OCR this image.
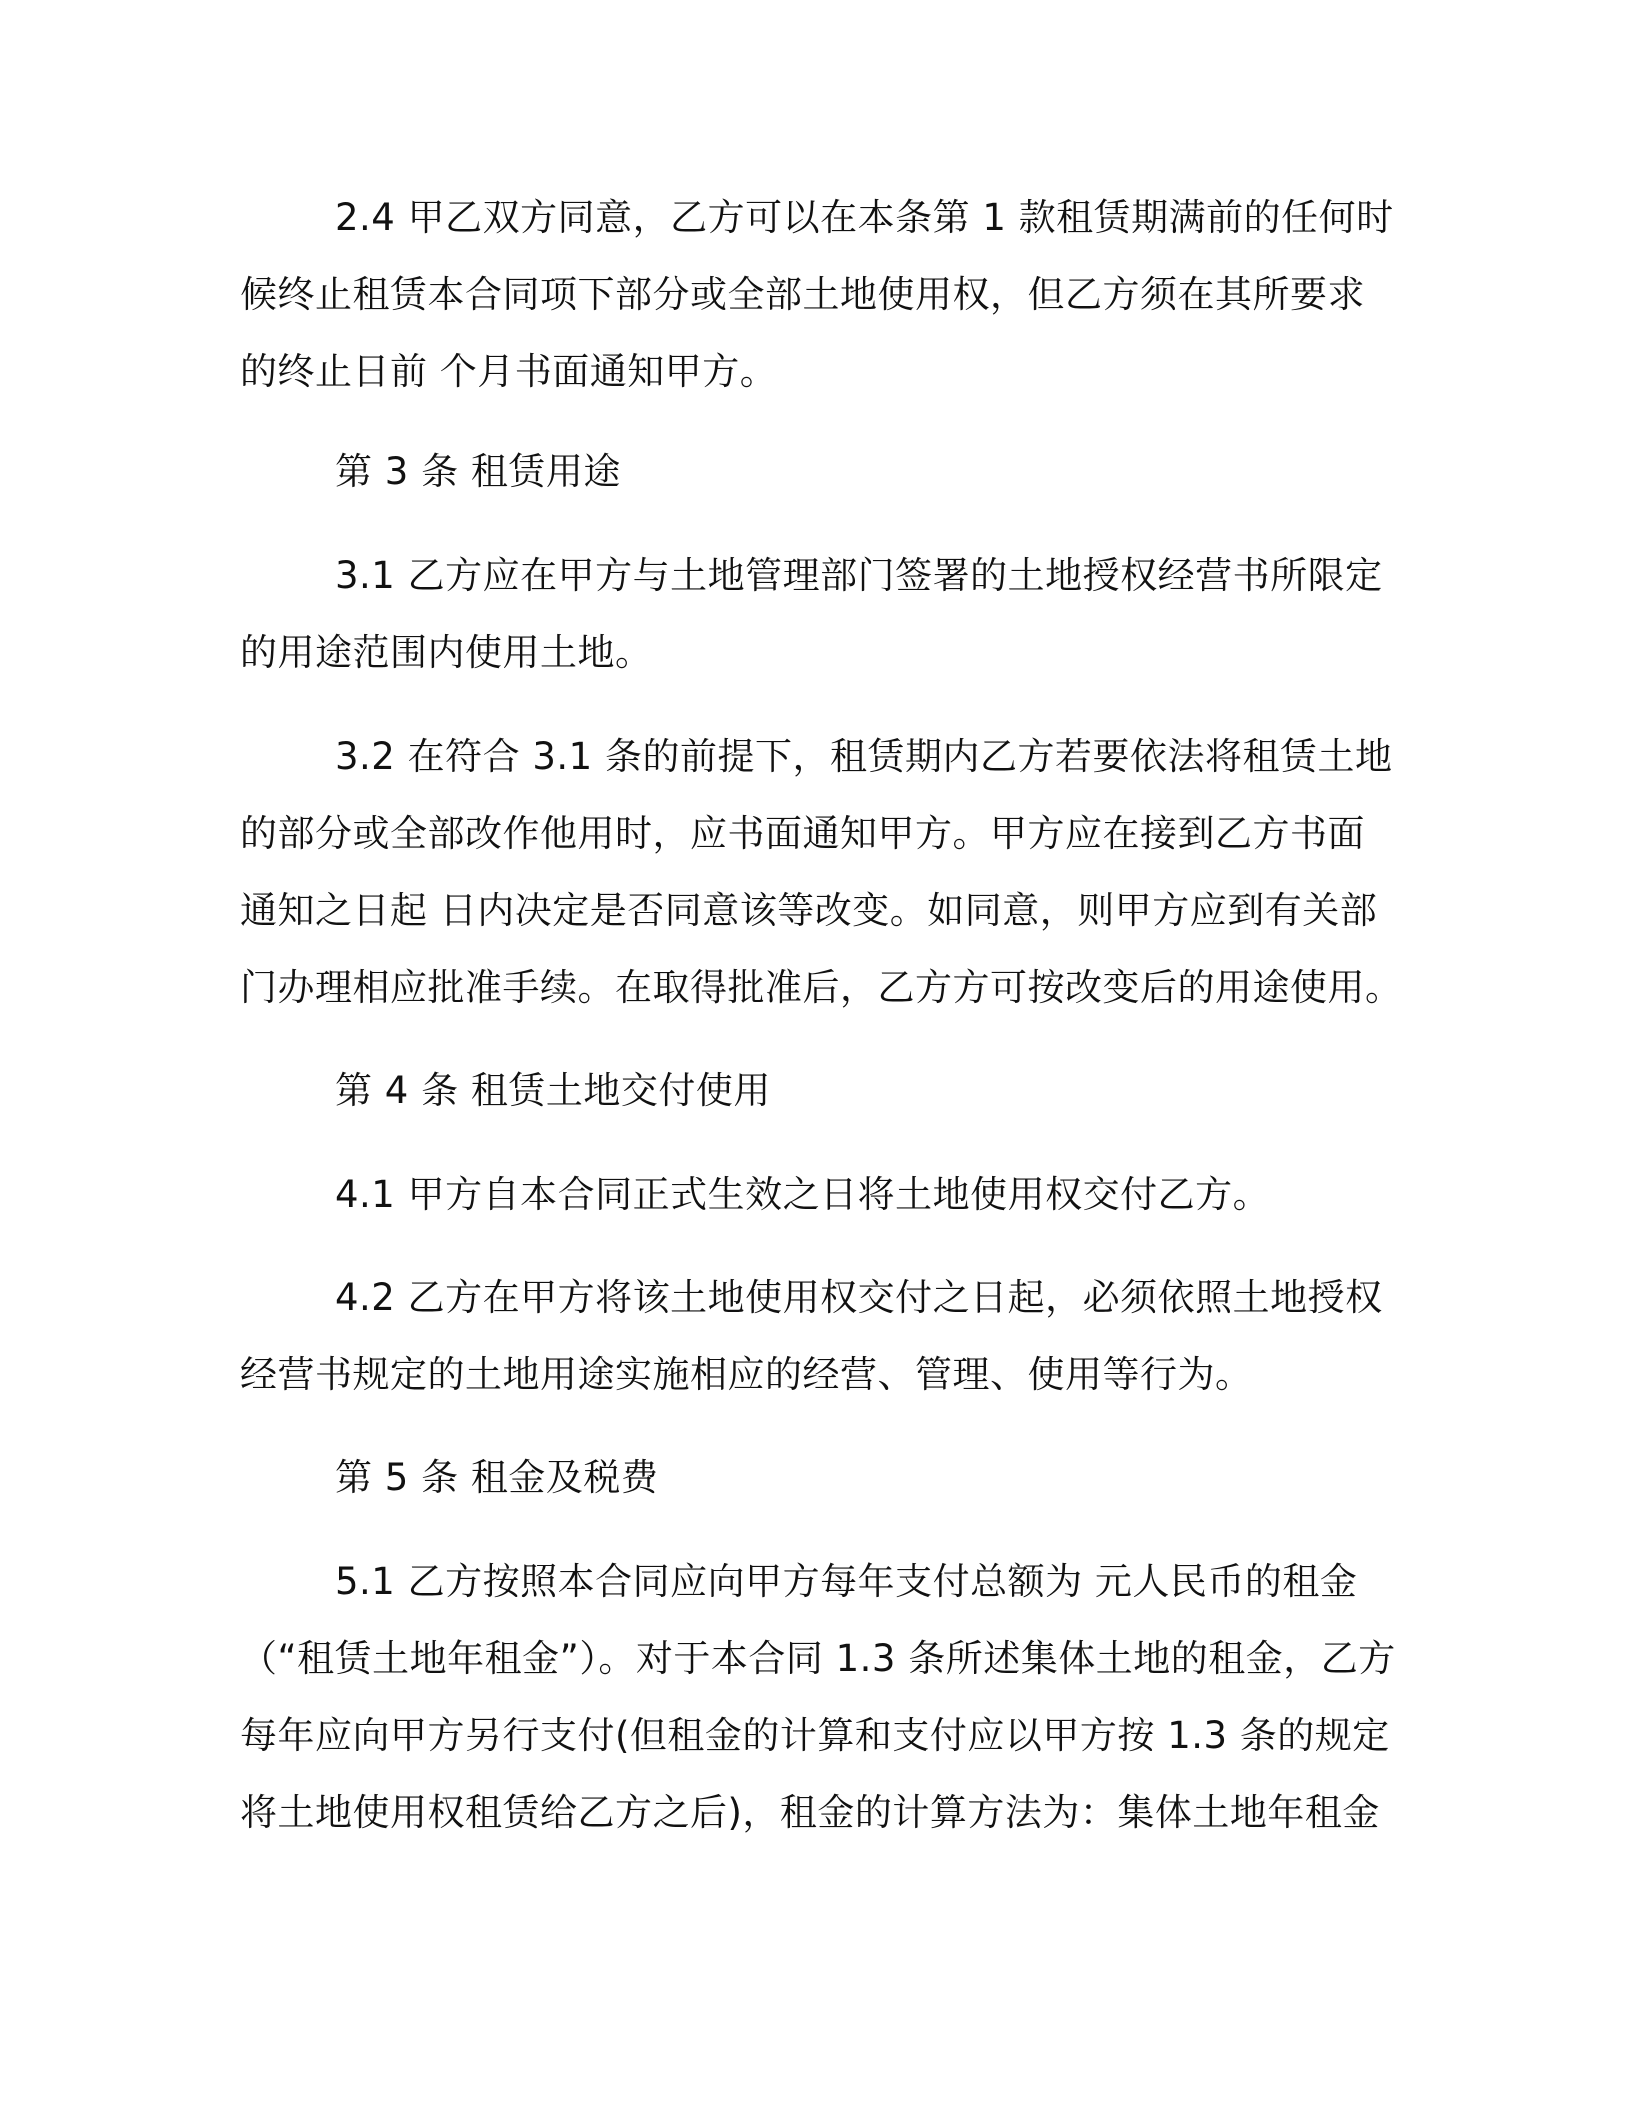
2.4 甲乙双方同意，乙方可以在本条第 1 款租赁期满前的任何时
候终止租赁本合同项下部分或全部土地使用权，但乙方须在其所要求
的终止日前 个月书面通知甲方。
第 3 条 租赁用途
3.1 乙方应在甲方与土地管理部门签署的土地授权经营书所限定
的用途范围内使用土地。
3.2 在符合 3.1 条的前提下，租赁期内乙方若要依法将租赁土地
的部分或全部改作他用时，应书面通知甲方。甲方应在接到乙方书面
通知之日起 日内决定是否同意该等改变。如同意，则甲方应到有关部
门办理相应批准手续。在取得批准后，乙方方可按改变后的用途使用。
第 4 条 租赁土地交付使用
4.1 甲方自本合同正式生效之日将土地使用权交付乙方。
4.2 乙方在甲方将该土地使用权交付之日起，必须依照土地授权
经营书规定的土地用途实施相应的经营、管理、使用等行为。
第 5 条 租金及税费
5.1 乙方按照本合同应向甲方每年支付总额为 元人民币的租金
（“租赁土地年租金”）。对于本合同 1.3 条所述集体土地的租金，乙方
每年应向甲方另行支付(但租金的计算和支付应以甲方按 1.3 条的规定
将土地使用权租赁给乙方之后)，租金的计算方法为：集体土地年租金
